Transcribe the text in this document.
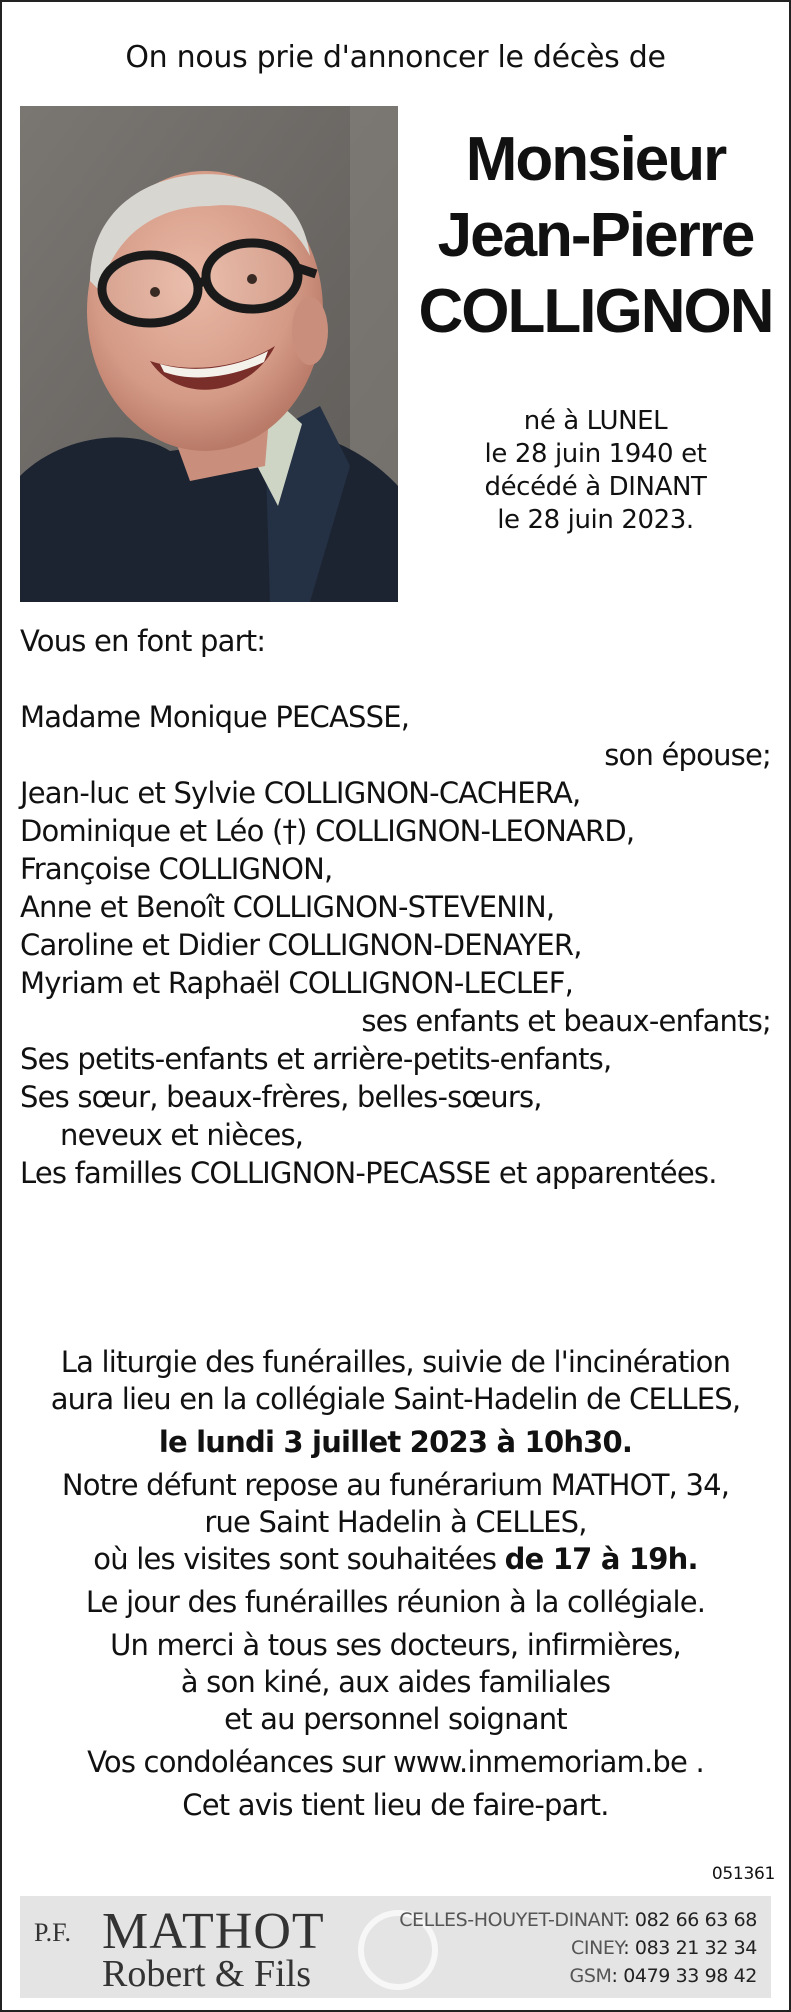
On nous prie d'annoncer le décès de
Monsieur
Jean-Pierre
COLLIGNON
né à LUNEL
le 28 juin 1940 et
décédé à DINANT
le 28 juin 2023.
Vous en font part:

Madame Monique PECASSE,
son épouse;
Jean-luc et Sylvie COLLIGNON-CACHERA,
Dominique et Léo (†) COLLIGNON-LEONARD,
Françoise COLLIGNON,
Anne et Benoît COLLIGNON-STEVENIN,
Caroline et Didier COLLIGNON-DENAYER,
Myriam et Raphaël COLLIGNON-LECLEF,
ses enfants et beaux-enfants;
Ses petits-enfants et arrière-petits-enfants,
Ses sœur, beaux-frères, belles-sœurs,
neveux et nièces,
Les familles COLLIGNON-PECASSE et apparentées.
La liturgie des funérailles, suivie de l'incinération
aura lieu en la collégiale Saint-Hadelin de CELLES,
le lundi 3 juillet 2023 à 10h30.
Notre défunt repose au funérarium MATHOT, 34,
rue Saint Hadelin à CELLES,
où les visites sont souhaitées de 17 à 19h.
Le jour des funérailles réunion à la collégiale.
Un merci à tous ses docteurs, infirmières,
à son kiné, aux aides familiales
et au personnel soignant
Vos condoléances sur www.inmemoriam.be .
Cet avis tient lieu de faire-part.
051361
P.F. MATHOT
Robert & Fils
CELLES-HOUYET-DINANT: 082 66 63 68
CINEY: 083 21 32 34
GSM: 0479 33 98 42
